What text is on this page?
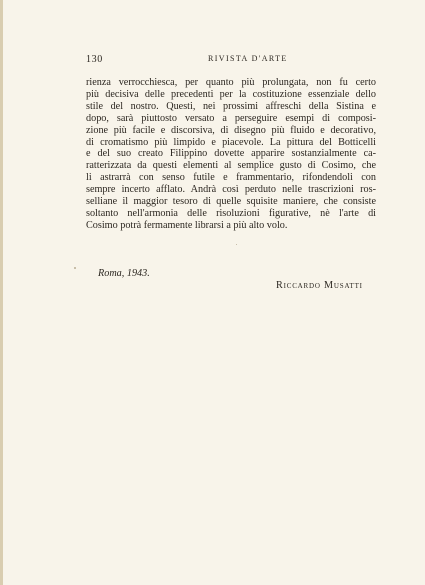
130	RIVISTA D'ARTE
rienza verrocchiesca, per quanto più prolungata, non fu certo
più decisiva delle precedenti per la costituzione essenziale dello
stile del nostro. Questi, nei prossimi affreschi della Sistina e
dopo, sarà piuttosto versato a perseguire esempi di composi-
zione più facile e discorsiva, di disegno più fluido e decorativo,
di cromatismo più limpido e piacevole. La pittura del Botticelli
e del suo creato Filippino dovette apparire sostanzialmente ca-
ratterizzata da questi elementi al semplice gusto di Cosimo, che
li astrarrà con senso futile e frammentario, rifondendoli con
sempre incerto afflato. Andrà così perduto nelle trascrizioni ros-
selliane il maggior tesoro di quelle squisite maniere, che consiste
soltanto nell'armonia delle risoluzioni figurative, nè l'arte di
Cosimo potrà fermamente librarsi a più alto volo.
Roma, 1943.
Riccardo Musatti
